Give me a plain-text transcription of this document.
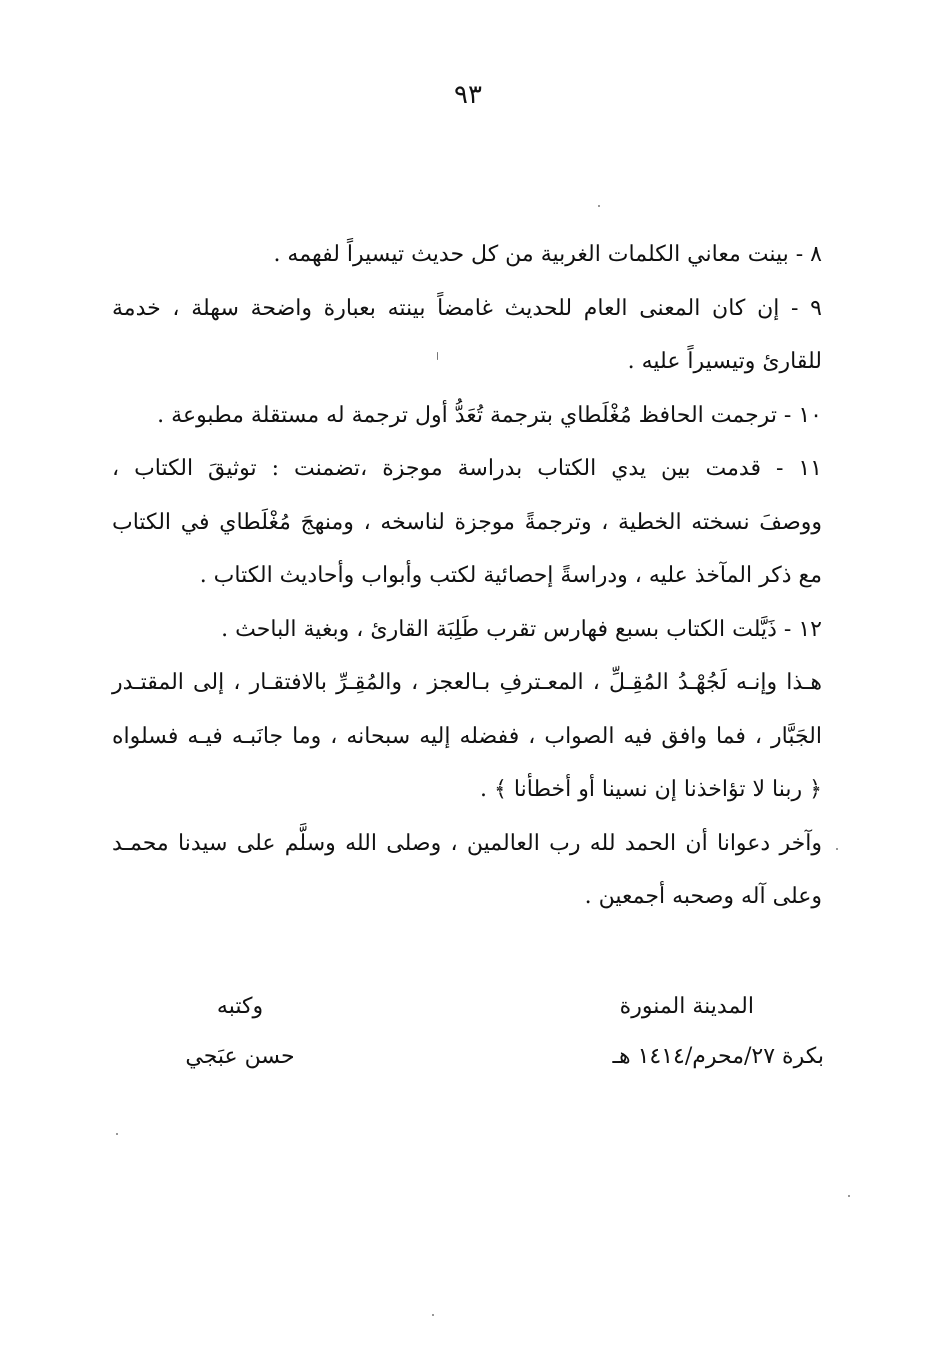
٩٣

٨ - بينت معاني الكلمات الغربية من كل حديث تيسيراً لفهمه .

٩ - إن كان المعنى العام للحديث غامضاً بينته بعبارة واضحة سهلة ، خدمة
للقارئ وتيسيراً عليه .

١٠ - ترجمت الحافظ مُغْلَطاي بترجمة تُعَدُّ أول ترجمة له مستقلة مطبوعة .

١١ - قدمت بين يدي الكتاب بدراسة موجزة ،تضمنت : توثيقَ الكتاب ،
ووصفَ نسخته الخطية ، وترجمةً موجزة لناسخه ، ومنهجَ مُغْلَطاي في الكتاب
مع ذكر المآخذ عليه ، ودراسةً إحصائية لكتب وأبواب وأحاديث الكتاب .

١٢ - ذَيَّلت الكتاب بسبع فهارس تقرب طَلِبَة القارئ ، وبغية الباحث .

هـذا وإنـه لَجُهْـدُ المُقِـلِّ ، المعـترفِ بـالعجز ، والمُقِـرِّ بالافتقـار ، إلى المقتـدر
الجَبَّار ، فما وافق فيه الصواب ، ففضله إليه سبحانه ، وما جانَبـه فيـه فسلواه
﴿ ربنا لا تؤاخذنا إن نسينا أو أخطأنا ﴾ .

وآخر دعوانا أن الحمد لله رب العالمين ، وصلى الله وسلَّم على سيدنا محمـد
وعلى آله وصحبه أجمعين .

المدينة المنورة
بكرة ٢٧/محرم/١٤١٤ هـ
وكتبه
حسن عبَجي
